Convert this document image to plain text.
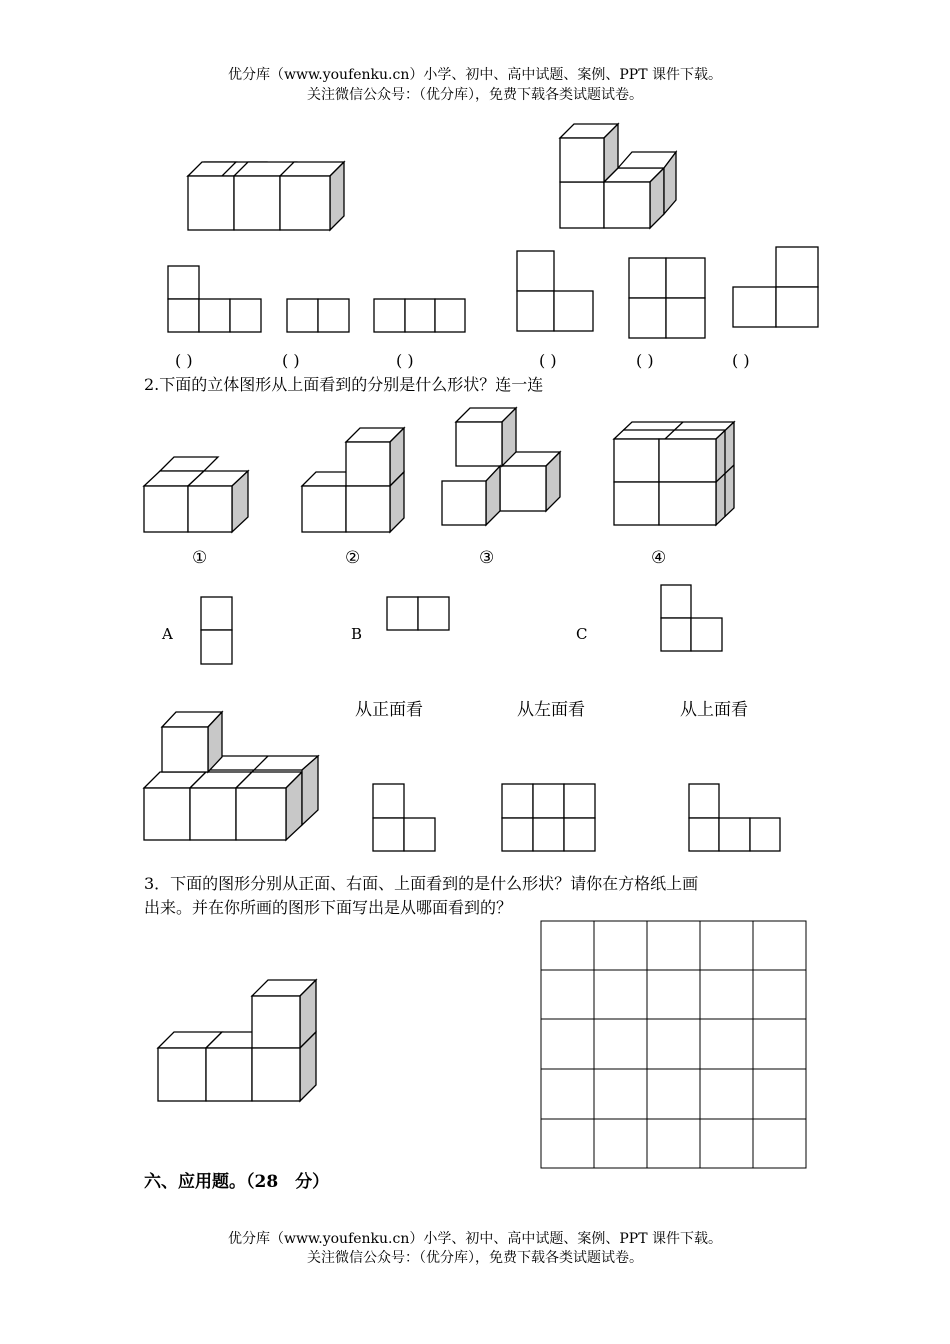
优分库（www.youfenku.cn）小学、初中、高中试题、案例、PPT 课件下载。
关注微信公众号：（优分库），免费下载各类试题试卷。
( )	( )	( )	( )	( )	( )
2.下面的立体图形从上面看到的分别是什么形状？连一连
①	②	③	④
A	B	C
从正面看	从左面看	从上面看
3．下面的图形分别从正面、右面、上面看到的是什么形状？请你在方格纸上画
出来。并在你所画的图形下面写出是从哪面看到的？
六、应用题。（28　分）
优分库（www.youfenku.cn）小学、初中、高中试题、案例、PPT 课件下载。
关注微信公众号：（优分库），免费下载各类试题试卷。
